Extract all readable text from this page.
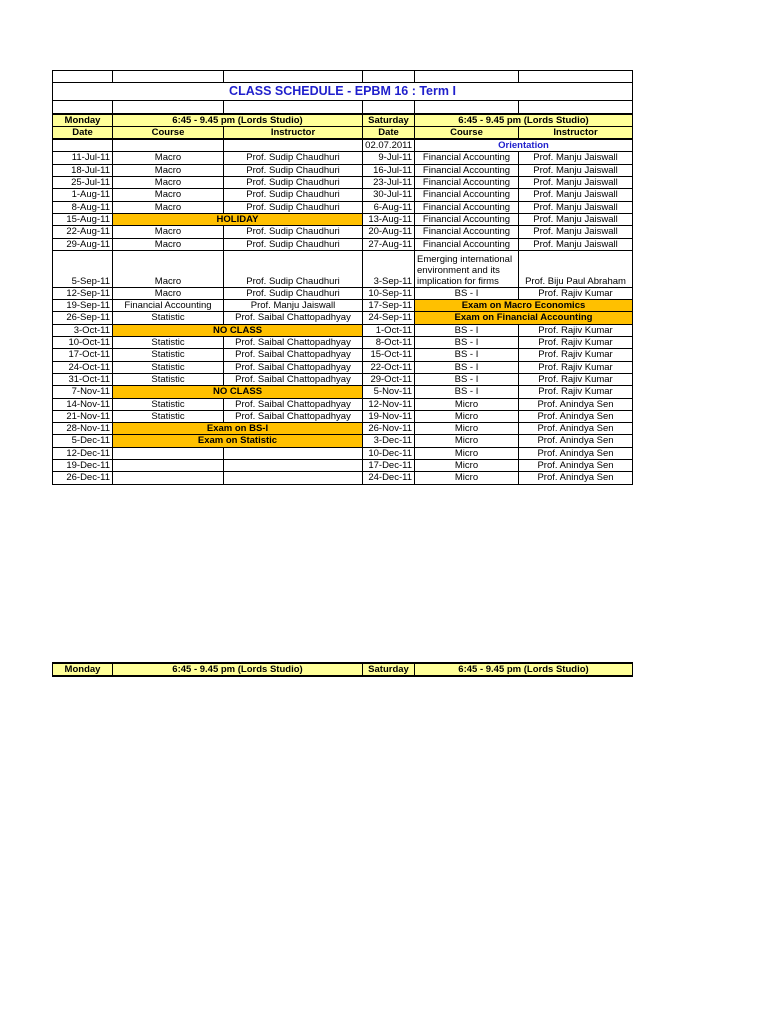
CLASS SCHEDULE - EPBM 16 : Term I					

Monday	6:45 - 9.45 pm (Lords Studio)		Saturday	6:45 - 9.45 pm (Lords Studio)	
Date	Course	Instructor	Date	Course	Instructor
			02.07.2011	Orientation	
11-Jul-11	Macro	Prof. Sudip Chaudhuri	9-Jul-11	Financial Accounting	Prof. Manju Jaiswall
18-Jul-11	Macro	Prof. Sudip Chaudhuri	16-Jul-11	Financial Accounting	Prof. Manju Jaiswall
25-Jul-11	Macro	Prof. Sudip Chaudhuri	23-Jul-11	Financial Accounting	Prof. Manju Jaiswall
1-Aug-11	Macro	Prof. Sudip Chaudhuri	30-Jul-11	Financial Accounting	Prof. Manju Jaiswall
8-Aug-11	Macro	Prof. Sudip Chaudhuri	6-Aug-11	Financial Accounting	Prof. Manju Jaiswall
15-Aug-11	HOLIDAY		13-Aug-11	Financial Accounting	Prof. Manju Jaiswall
22-Aug-11	Macro	Prof. Sudip Chaudhuri	20-Aug-11	Financial Accounting	Prof. Manju Jaiswall
29-Aug-11	Macro	Prof. Sudip Chaudhuri	27-Aug-11	Financial Accounting	Prof. Manju Jaiswall
5-Sep-11	Macro	Prof. Sudip Chaudhuri	3-Sep-11	Emerging international environment and its implication for firms	Prof. Biju Paul Abraham
12-Sep-11	Macro	Prof. Sudip Chaudhuri	10-Sep-11	BS - I	Prof. Rajiv Kumar
19-Sep-11	Financial Accounting	Prof. Manju Jaiswall	17-Sep-11	Exam on Macro Economics	
26-Sep-11	Statistic	Prof. Saibal Chattopadhyay	24-Sep-11	Exam on Financial Accounting	
3-Oct-11	NO CLASS		1-Oct-11	BS - I	Prof. Rajiv Kumar
10-Oct-11	Statistic	Prof. Saibal Chattopadhyay	8-Oct-11	BS - I	Prof. Rajiv Kumar
17-Oct-11	Statistic	Prof. Saibal Chattopadhyay	15-Oct-11	BS - I	Prof. Rajiv Kumar
24-Oct-11	Statistic	Prof. Saibal Chattopadhyay	22-Oct-11	BS - I	Prof. Rajiv Kumar
31-Oct-11	Statistic	Prof. Saibal Chattopadhyay	29-Oct-11	BS - I	Prof. Rajiv Kumar
7-Nov-11	NO CLASS		5-Nov-11	BS - I	Prof. Rajiv Kumar
14-Nov-11	Statistic	Prof. Saibal Chattopadhyay	12-Nov-11	Micro	Prof. Anindya Sen
21-Nov-11	Statistic	Prof. Saibal Chattopadhyay	19-Nov-11	Micro	Prof. Anindya Sen
28-Nov-11	Exam on BS-I		26-Nov-11	Micro	Prof. Anindya Sen
5-Dec-11	Exam on Statistic		3-Dec-11	Micro	Prof. Anindya Sen
12-Dec-11			10-Dec-11	Micro	Prof. Anindya Sen
19-Dec-11			17-Dec-11	Micro	Prof. Anindya Sen
26-Dec-11			24-Dec-11	Micro	Prof. Anindya Sen
Monday	6:45 - 9.45 pm (Lords Studio)	Saturday	6:45 - 9.45 pm (Lords Studio)
